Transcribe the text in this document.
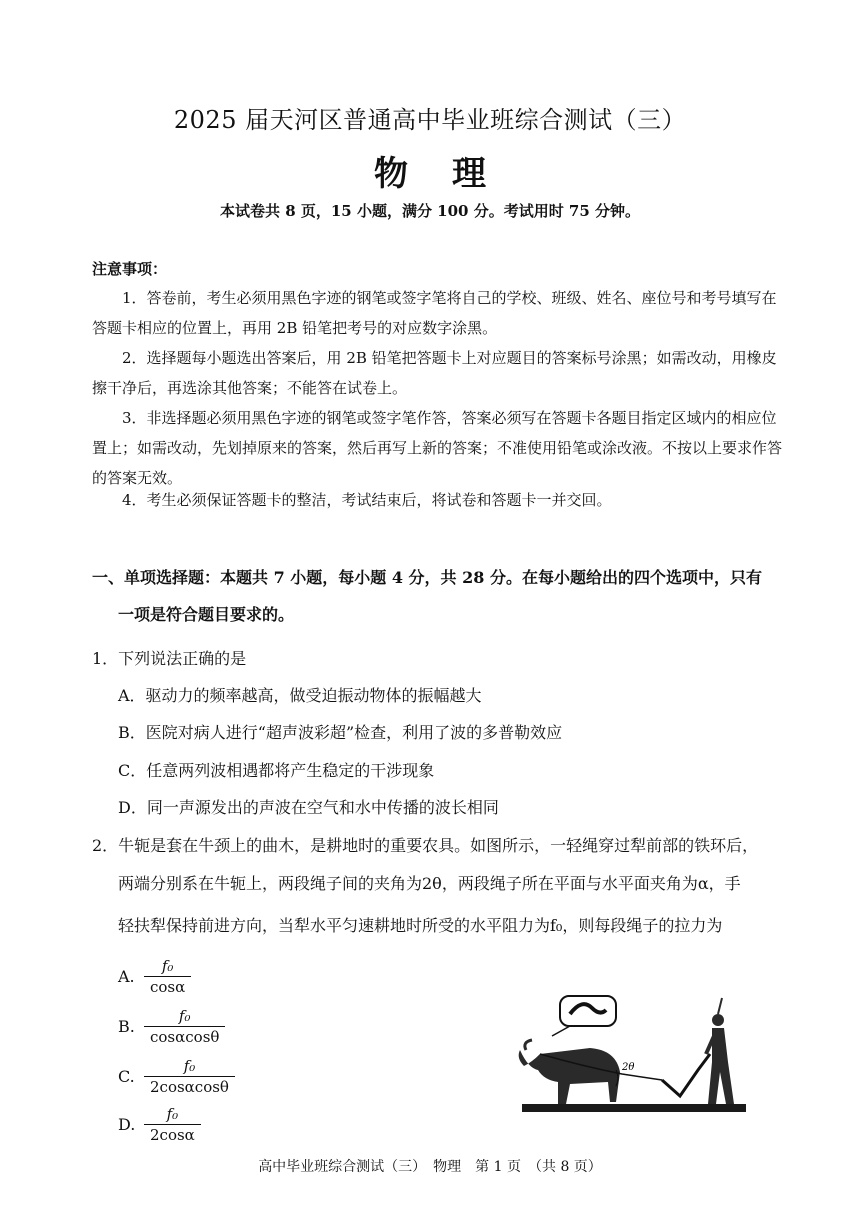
2025 届天河区普通高中毕业班综合测试（三）
物理
本试卷共 8 页，15 小题，满分 100 分。考试用时 75 分钟。
注意事项：

1．答卷前，考生必须用黑色字迹的钢笔或签字笔将自己的学校、班级、姓名、座位号和考号填写在答题卡相应的位置上，再用 2B 铅笔把考号的对应数字涂黑。

2．选择题每小题选出答案后，用 2B 铅笔把答题卡上对应题目的答案标号涂黑；如需改动，用橡皮擦干净后，再选涂其他答案；不能答在试卷上。

3．非选择题必须用黑色字迹的钢笔或签字笔作答，答案必须写在答题卡各题目指定区域内的相应位置上；如需改动，先划掉原来的答案，然后再写上新的答案；不准使用铅笔或涂改液。不按以上要求作答的答案无效。

4．考生必须保证答题卡的整洁，考试结束后，将试卷和答题卡一并交回。

一、单项选择题：本题共 7 小题，每小题 4 分，共 28 分。在每小题给出的四个选项中，只有
一项是符合题目要求的。
1．下列说法正确的是
A．驱动力的频率越高，做受迫振动物体的振幅越大
B．医院对病人进行“超声波彩超”检查，利用了波的多普勒效应
C．任意两列波相遇都将产生稳定的干涉现象
D．同一声源发出的声波在空气和水中传播的波长相同
2．牛轭是套在牛颈上的曲木，是耕地时的重要农具。如图所示，一轻绳穿过犁前部的铁环后，
两端分别系在牛轭上，两段绳子间的夹角为2θ，两段绳子所在平面与水平面夹角为α，手
轻扶犁保持前进方向，当犁水平匀速耕地时所受的水平阻力为f₀，则每段绳子的拉力为
A. $\frac{\text{f₀}}{\cos\alpha}$
B. $\frac{\text{f₀}}{\cos\alpha\cos\theta}$
C. $\frac{\text{f₀}}{2\cos\alpha\cos\theta}$
D. $\frac{\text{f₀}}{2\cos\alpha}$
2θ
高中毕业班综合测试（三）　物理　第 1 页　（共 8 页）
